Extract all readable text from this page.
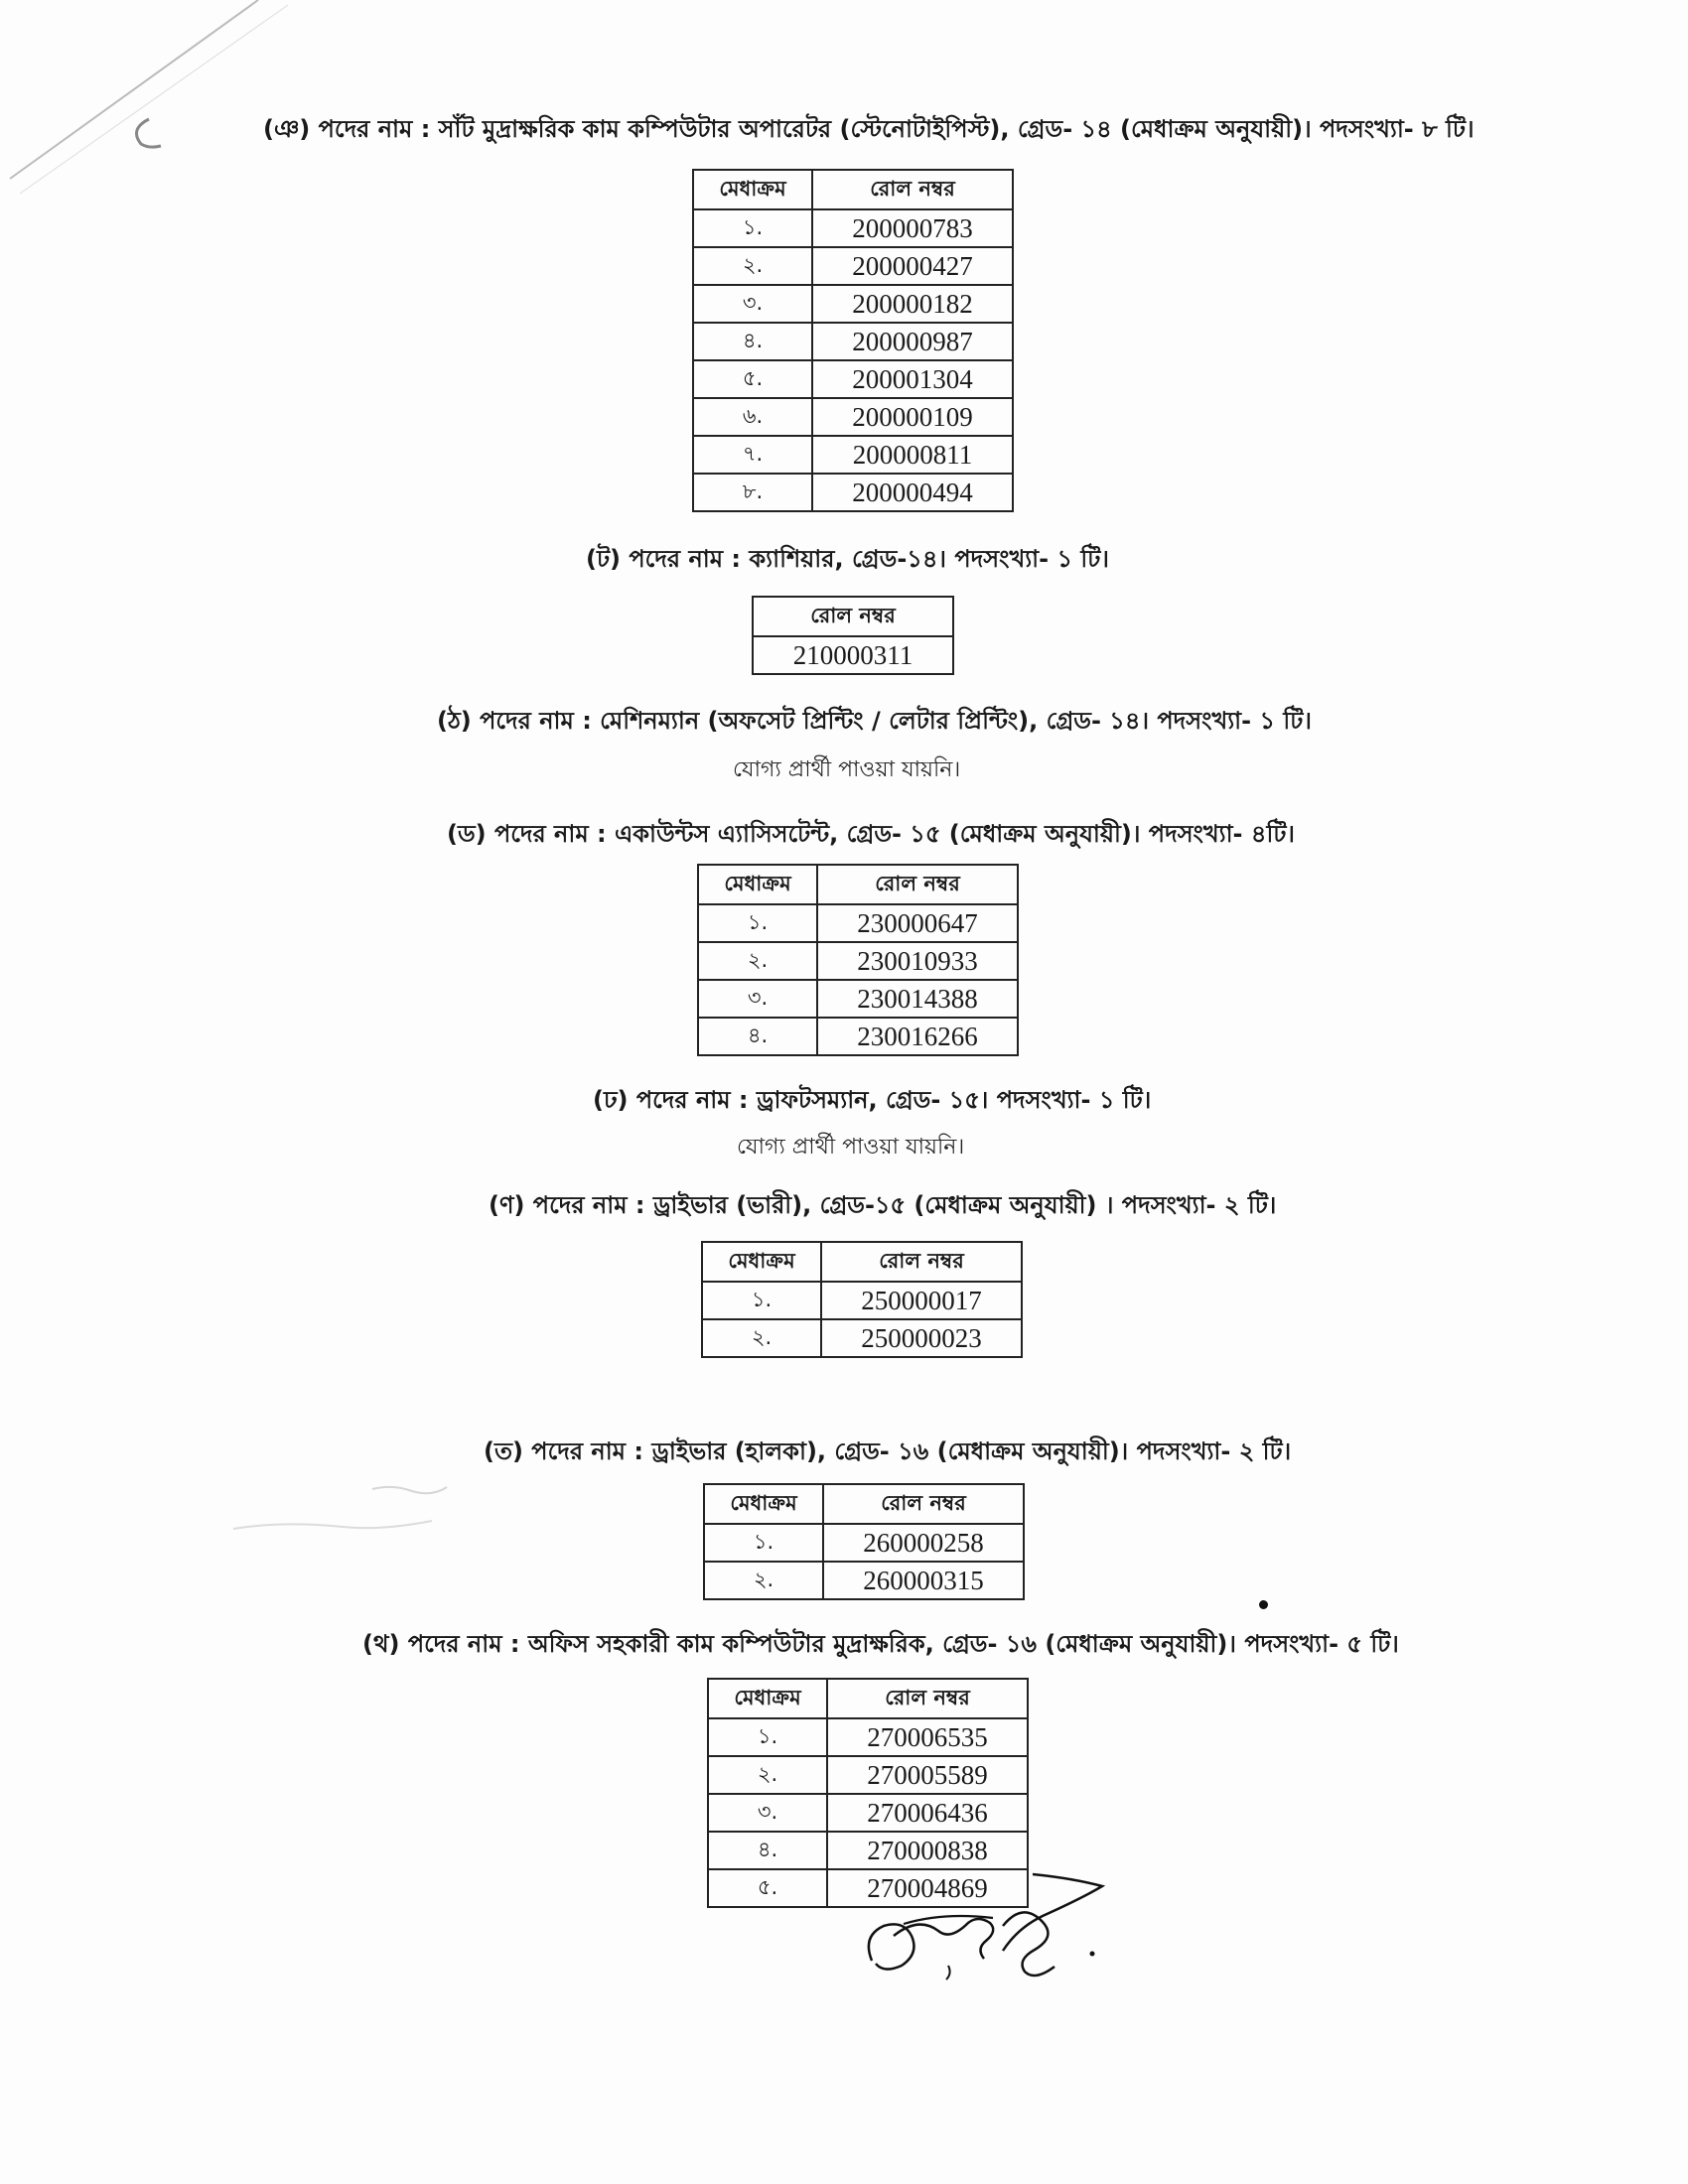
(ঞ) পদের নাম : সাঁট মুদ্রাক্ষরিক কাম কম্পিউটার অপারেটর (স্টেনোটাইপিস্ট), গ্রেড- ১৪ (মেধাক্রম অনুযায়ী)। পদসংখ্যা- ৮ টি।
মেধাক্রম	রোল নম্বর
১.	200000783
২.	200000427
৩.	200000182
৪.	200000987
৫.	200001304
৬.	200000109
৭.	200000811
৮.	200000494
(ট) পদের নাম : ক্যাশিয়ার, গ্রেড-১৪। পদসংখ্যা- ১ টি।
রোল নম্বর
210000311
(ঠ) পদের নাম : মেশিনম্যান (অফসেট প্রিন্টিং / লেটার প্রিন্টিং), গ্রেড- ১৪। পদসংখ্যা- ১ টি।
যোগ্য প্রার্থী পাওয়া যায়নি।
(ড) পদের নাম : একাউন্টস এ্যাসিসটেন্ট, গ্রেড- ১৫ (মেধাক্রম অনুযায়ী)। পদসংখ্যা- ৪টি।
মেধাক্রম	রোল নম্বর
১.	230000647
২.	230010933
৩.	230014388
৪.	230016266
(ঢ) পদের নাম : ড্রাফটসম্যান, গ্রেড- ১৫। পদসংখ্যা- ১ টি।
যোগ্য প্রার্থী পাওয়া যায়নি।
(ণ) পদের নাম : ড্রাইভার (ভারী), গ্রেড-১৫ (মেধাক্রম অনুযায়ী) । পদসংখ্যা- ২ টি।
মেধাক্রম	রোল নম্বর
১.	250000017
২.	250000023
(ত) পদের নাম : ড্রাইভার (হালকা), গ্রেড- ১৬ (মেধাক্রম অনুযায়ী)। পদসংখ্যা- ২ টি।
মেধাক্রম	রোল নম্বর
১.	260000258
২.	260000315
(থ) পদের নাম : অফিস সহকারী কাম কম্পিউটার মুদ্রাক্ষরিক, গ্রেড- ১৬ (মেধাক্রম অনুযায়ী)। পদসংখ্যা- ৫ টি।
মেধাক্রম	রোল নম্বর
১.	270006535
২.	270005589
৩.	270006436
৪.	270000838
৫.	270004869
